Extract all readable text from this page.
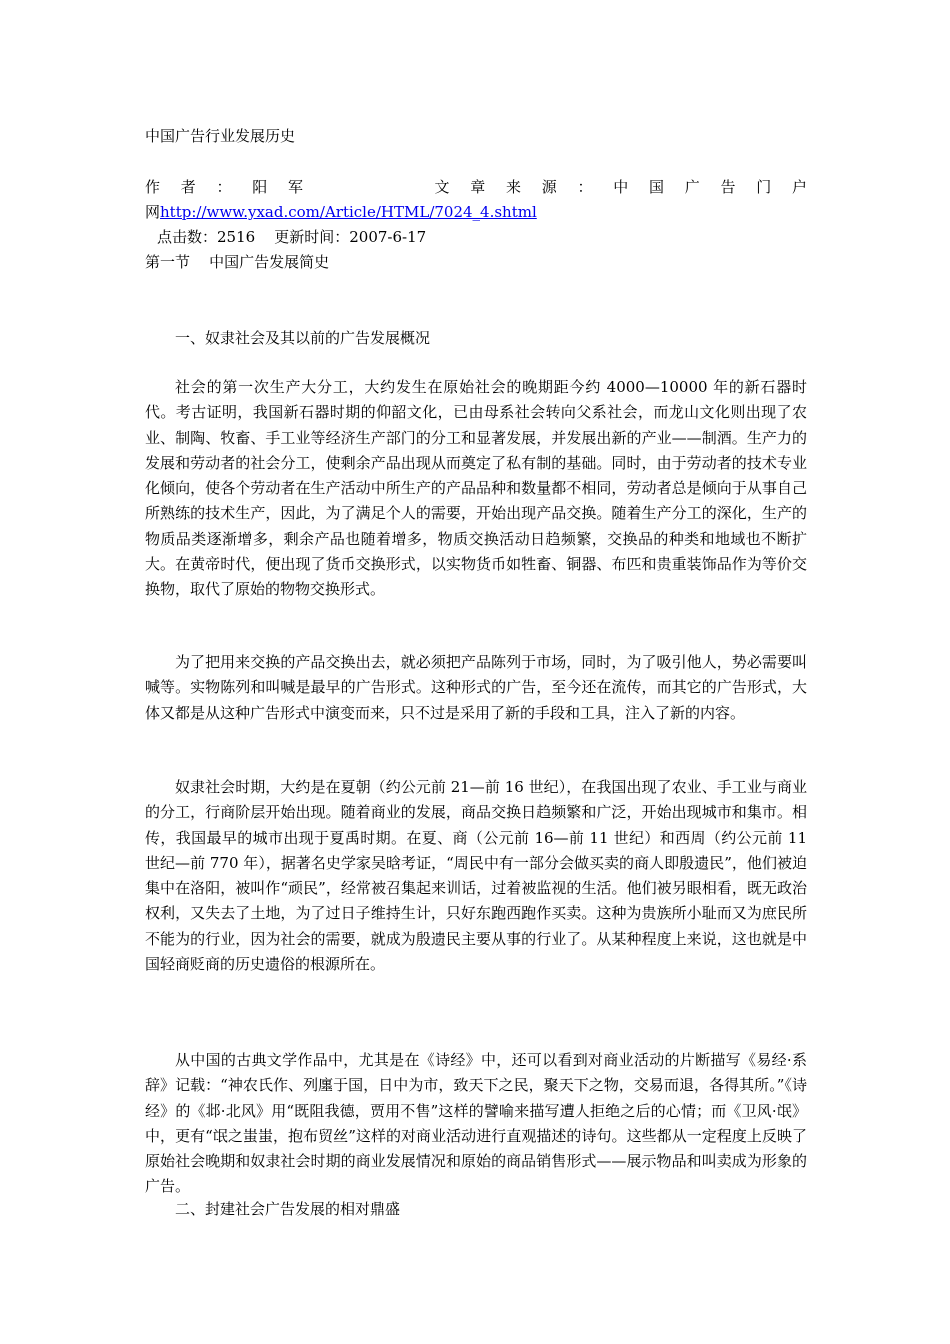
中国广告行业发展历史
作 者 ： 阳 军	文 章 来 源 ： 中 国 广 告 门 户
网http://www.yxad.com/Article/HTML/7024_4.shtml
点击数：2516    更新时间：2007-6-17
第一节    中国广告发展简史
一、奴隶社会及其以前的广告发展概况

社会的第一次生产大分工，大约发生在原始社会的晚期距今约 4000—10000 年的新石器时代。考古证明，我国新石器时期的仰韶文化，已由母系社会转向父系社会，而龙山文化则出现了农业、制陶、牧畜、手工业等经济生产部门的分工和显著发展，并发展出新的产业——制酒。生产力的发展和劳动者的社会分工，使剩余产品出现从而奠定了私有制的基础。同时，由于劳动者的技术专业化倾向，使各个劳动者在生产活动中所生产的产品品种和数量都不相同，劳动者总是倾向于从事自己所熟练的技术生产，因此，为了满足个人的需要，开始出现产品交换。随着生产分工的深化，生产的物质品类逐渐增多，剩余产品也随着增多，物质交换活动日趋频繁，交换品的种类和地域也不断扩大。在黄帝时代，便出现了货币交换形式，以实物货币如牲畜、铜器、布匹和贵重装饰品作为等价交换物，取代了原始的物物交换形式。

为了把用来交换的产品交换出去，就必须把产品陈列于市场，同时，为了吸引他人，势必需要叫喊等。实物陈列和叫喊是最早的广告形式。这种形式的广告，至今还在流传，而其它的广告形式，大体又都是从这种广告形式中演变而来，只不过是采用了新的手段和工具，注入了新的内容。

奴隶社会时期，大约是在夏朝（约公元前 21—前 16 世纪），在我国出现了农业、手工业与商业的分工，行商阶层开始出现。随着商业的发展，商品交换日趋频繁和广泛，开始出现城市和集市。相传，我国最早的城市出现于夏禹时期。在夏、商（公元前 16—前 11 世纪）和西周（约公元前 11 世纪—前 770 年），据著名史学家吴晗考证，“周民中有一部分会做买卖的商人即殷遗民”，他们被迫集中在洛阳，被叫作“顽民”，经常被召集起来训话，过着被监视的生活。他们被另眼相看，既无政治权利，又失去了土地，为了过日子维持生计，只好东跑西跑作买卖。这种为贵族所小耻而又为庶民所不能为的行业，因为社会的需要，就成为殷遗民主要从事的行业了。从某种程度上来说，这也就是中国轻商贬商的历史遗俗的根源所在。

从中国的古典文学作品中，尤其是在《诗经》中，还可以看到对商业活动的片断描写《易经·系辞》记载：“神农氏作、列廛于国，日中为市，致天下之民，聚天下之物，交易而退，各得其所。”《诗经》的《邶·北风》用“既阻我德，贾用不售”这样的譬喻来描写遭人拒绝之后的心情；而《卫风·氓》中，更有“氓之蚩蚩，抱布贸丝”这样的对商业活动进行直观描述的诗句。这些都从一定程度上反映了原始社会晚期和奴隶社会时期的商业发展情况和原始的商品销售形式——展示物品和叫卖成为形象的广告。

二、封建社会广告发展的相对鼎盛
